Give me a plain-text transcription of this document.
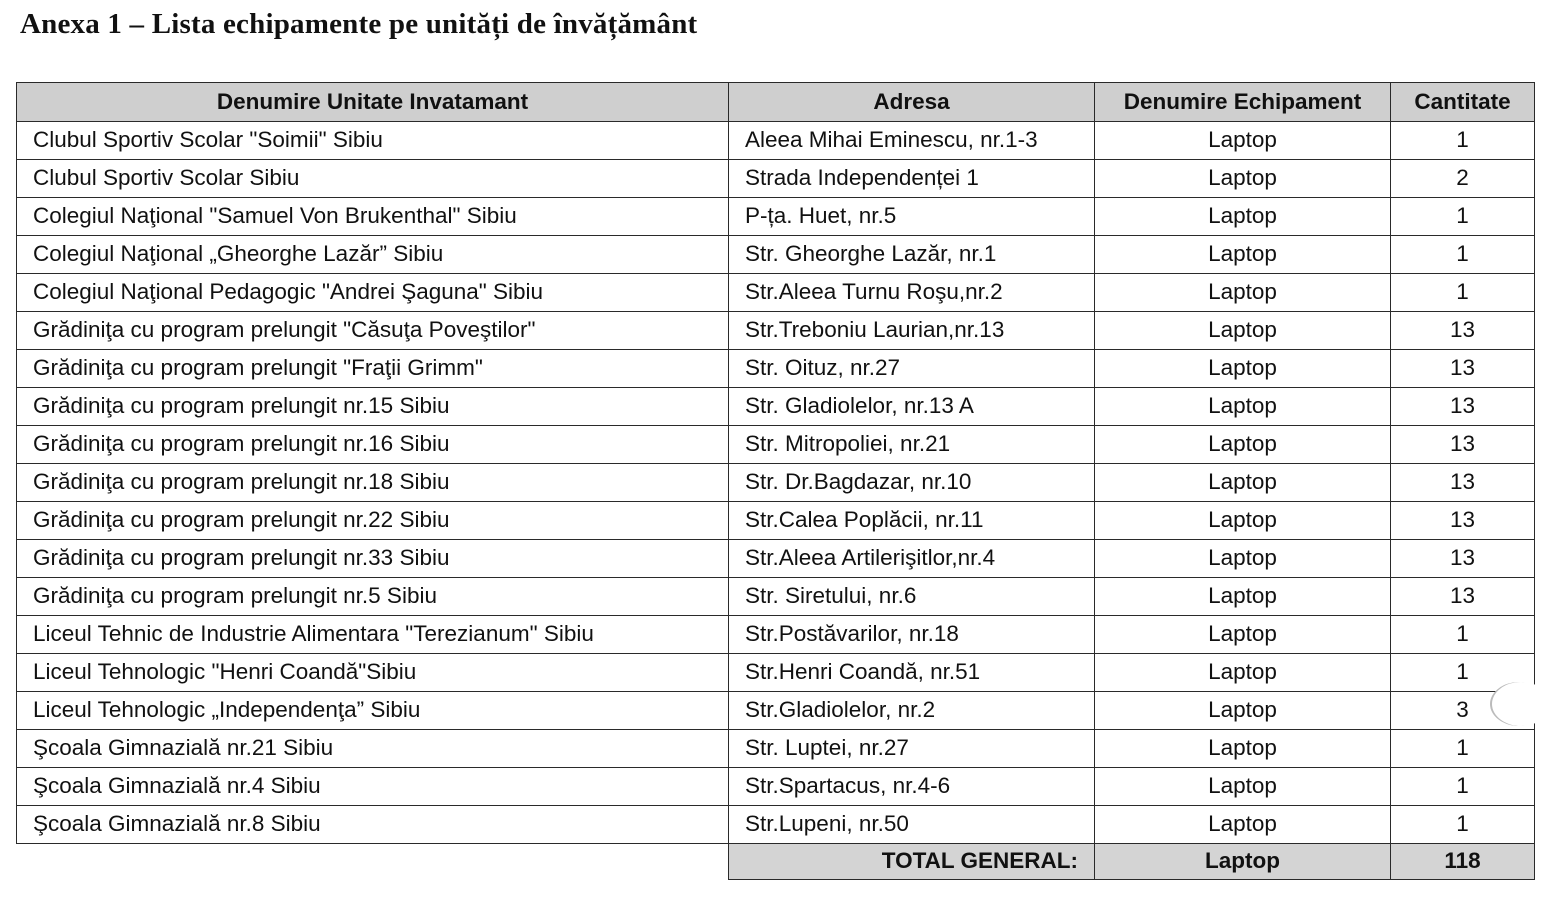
Anexa 1 – Lista echipamente pe unități de învățământ
Denumire Unitate Invatamant	Adresa	Denumire Echipament	Cantitate
Clubul Sportiv Scolar "Soimii" Sibiu	Aleea Mihai Eminescu, nr.1-3	Laptop	1
Clubul Sportiv Scolar Sibiu	Strada Independenței 1	Laptop	2
Colegiul Naţional "Samuel Von Brukenthal" Sibiu	P-ța. Huet, nr.5	Laptop	1
Colegiul Naţional „Gheorghe Lazăr” Sibiu	Str. Gheorghe Lazăr, nr.1	Laptop	1
Colegiul Naţional Pedagogic "Andrei Şaguna" Sibiu	Str.Aleea Turnu Roşu,nr.2	Laptop	1
Grădiniţa cu program prelungit "Căsuţa Poveştilor"	Str.Treboniu Laurian,nr.13	Laptop	13
Grădiniţa cu program prelungit "Fraţii Grimm"	Str. Oituz, nr.27	Laptop	13
Grădiniţa cu program prelungit nr.15 Sibiu	Str. Gladiolelor, nr.13 A	Laptop	13
Grădiniţa cu program prelungit nr.16 Sibiu	Str. Mitropoliei, nr.21	Laptop	13
Grădiniţa cu program prelungit nr.18 Sibiu	Str. Dr.Bagdazar, nr.10	Laptop	13
Grădiniţa cu program prelungit nr.22 Sibiu	Str.Calea Poplăcii, nr.11	Laptop	13
Grădiniţa cu program prelungit nr.33 Sibiu	Str.Aleea Artilerişitlor,nr.4	Laptop	13
Grădiniţa cu program prelungit nr.5 Sibiu	Str. Siretului, nr.6	Laptop	13
Liceul Tehnic de Industrie Alimentara "Terezianum" Sibiu	Str.Postăvarilor, nr.18	Laptop	1
Liceul Tehnologic "Henri Coandă"Sibiu	Str.Henri Coandă, nr.51	Laptop	1
Liceul Tehnologic „Independenţa” Sibiu	Str.Gladiolelor, nr.2	Laptop	3
Şcoala Gimnazială nr.21 Sibiu	Str. Luptei, nr.27	Laptop	1
Şcoala Gimnazială nr.4 Sibiu	Str.Spartacus, nr.4-6	Laptop	1
Şcoala Gimnazială nr.8 Sibiu	Str.Lupeni, nr.50	Laptop	1
	TOTAL GENERAL:	Laptop	118
